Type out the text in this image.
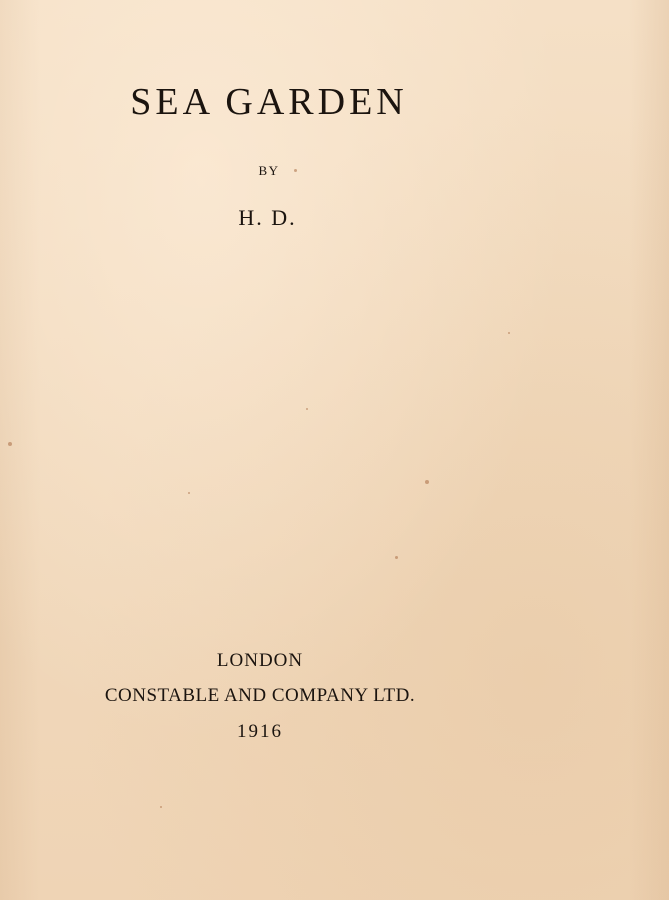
SEA GARDEN
BY
H. D.
LONDON
CONSTABLE AND COMPANY LTD.
1916
